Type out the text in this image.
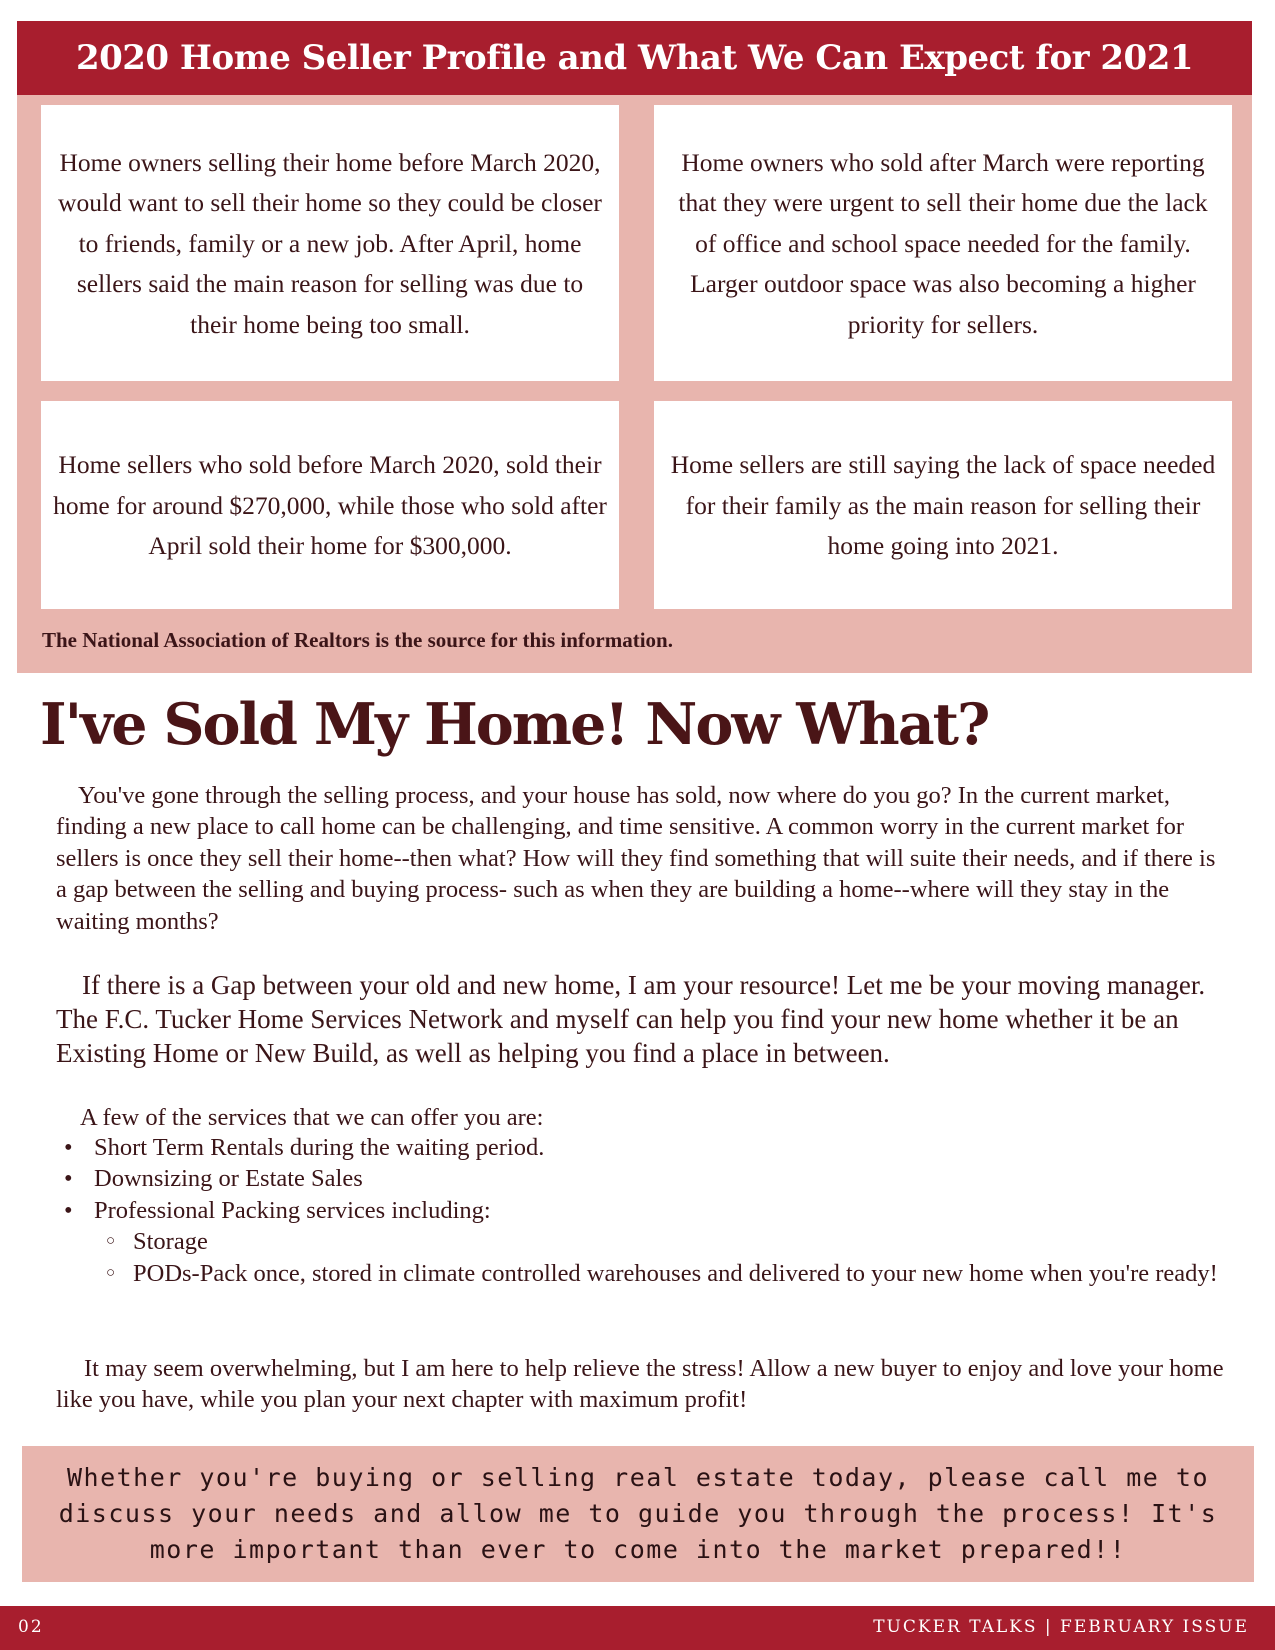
2020 Home Seller Profile and What We Can Expect for 2021

Home owners selling their home before March 2020, would want to sell their home so they could be closer to friends, family or a new job. After April, home sellers said the main reason for selling was due to their home being too small.

Home owners who sold after March were reporting that they were urgent to sell their home due the lack of office and school space needed for the family. Larger outdoor space was also becoming a higher priority for sellers.

Home sellers who sold before March 2020, sold their home for around $270,000, while those who sold after April sold their home for $300,000.

Home sellers are still saying the lack of space needed for their family as the main reason for selling their home going into 2021.

The National Association of Realtors is the source for this information.
I've Sold My Home! Now What?

You've gone through the selling process, and your house has sold, now where do you go? In the current market, finding a new place to call home can be challenging, and time sensitive. A common worry in the current market for sellers is once they sell their home--then what? How will they find something that will suite their needs, and if there is a gap between the selling and buying process- such as when they are building a home--where will they stay in the waiting months?

If there is a Gap between your old and new home, I am your resource! Let me be your moving manager. The F.C. Tucker Home Services Network and myself can help you find your new home whether it be an Existing Home or New Build, as well as helping you find a place in between.

A few of the services that we can offer you are:
• Short Term Rentals during the waiting period.
• Downsizing or Estate Sales
• Professional Packing services including:
○ Storage
○ PODs-Pack once, stored in climate controlled warehouses and delivered to your new home when you're ready!

It may seem overwhelming, but I am here to help relieve the stress! Allow a new buyer to enjoy and love your home like you have, while you plan your next chapter with maximum profit!

Whether you're buying or selling real estate today, please call me to discuss your needs and allow me to guide you through the process! It's more important than ever to come into the market prepared!!

02	TUCKER TALKS | FEBRUARY ISSUE
